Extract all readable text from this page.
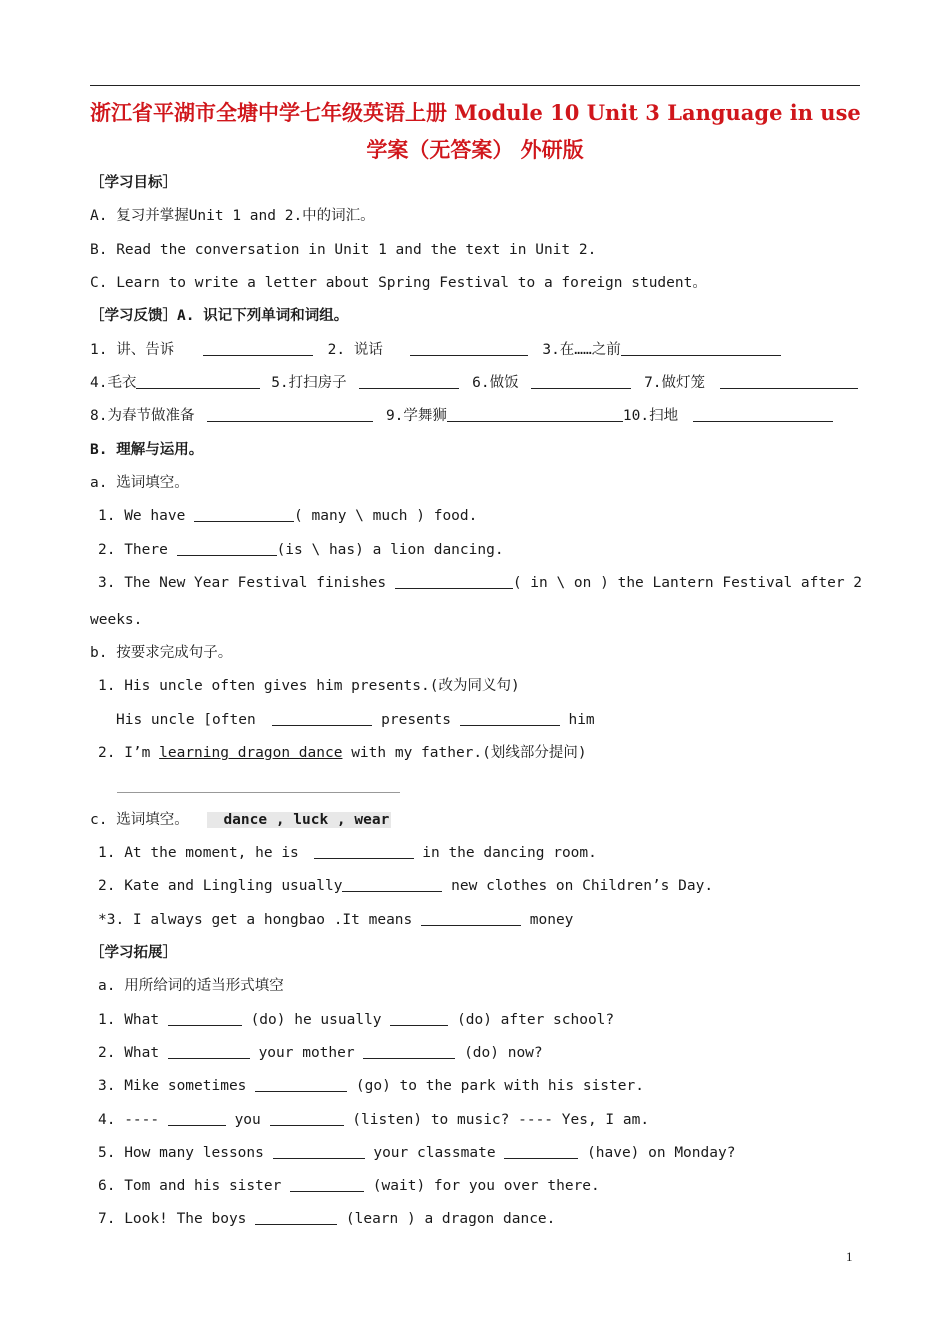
浙江省平湖市全塘中学七年级英语上册 Module 10 Unit 3 Language in use
学案（无答案） 外研版
［学习目标］
A. 复习并掌握Unit 1 and 2.中的词汇。
B. Read the conversation in Unit 1 and the text in Unit 2.
C. Learn to write a letter about Spring Festival to a foreign student。
［学习反馈］A. 识记下列单词和词组。
1. 讲、告诉	2. 说话	3.在……之前
4.毛衣	5.打扫房子	6.做饭	7.做灯笼
8.为春节做准备	9.学舞狮	10.扫地
B. 理解与运用。
a. 选词填空。
1. We have	( many \ much ) food.
2. There	(is \ has) a lion dancing.
3. The New Year Festival finishes	( in \ on ) the Lantern Festival after 2
weeks.
b. 按要求完成句子。
1. His uncle often gives him presents.(改为同义句)
His uncle [often	presents	him
2. I’m learning dragon dance with my father.(划线部分提问)
c. 选词填空。 dance , luck , wear
1. At the moment, he is	in the dancing room.
2. Kate and Lingling usually	new clothes on Children’s Day.
*3. I always get a hongbao .It means	money
［学习拓展］
a. 用所给词的适当形式填空
1. What	(do) he usually	(do) after school?
2. What	your mother	(do) now?
3. Mike sometimes	(go) to the park with his sister.
4. ----	you	(listen) to music? ---- Yes, I am.
5. How many lessons	your classmate	(have) on Monday?
6. Tom and his sister	(wait) for you over there.
7. Look! The boys	(learn ) a dragon dance.
1
